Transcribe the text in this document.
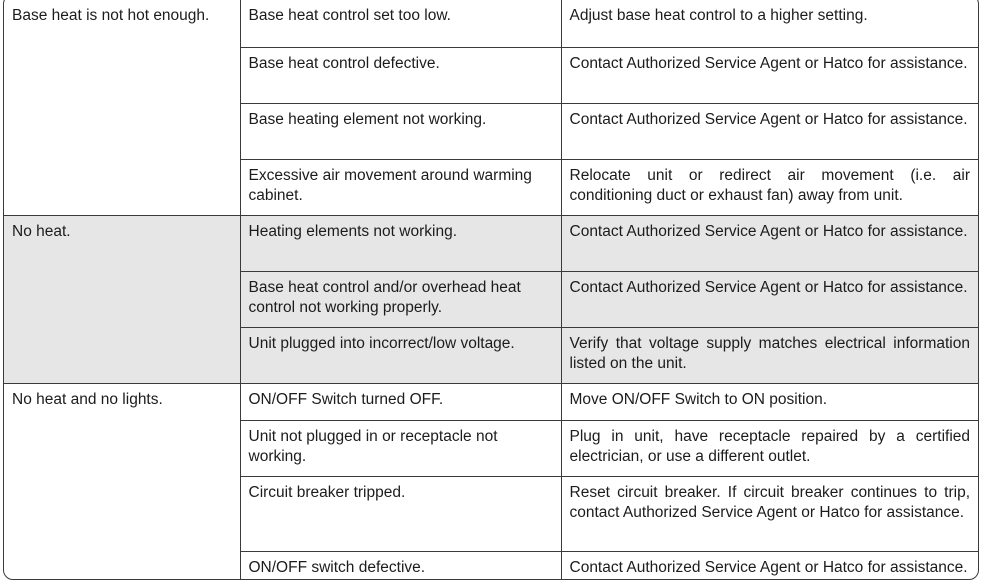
Base heat is not hot enough.	Base heat control set too low.	Adjust base heat control to a higher setting.

	Base heat control defective.	Contact Authorized Service Agent or Hatco for assistance.

	Base heating element not working.	Contact Authorized Service Agent or Hatco for assistance.

	Excessive air movement around warming cabinet.	Relocate unit or redirect air movement (i.e. air conditioning duct or exhaust fan) away from unit.

No heat.	Heating elements not working.	Contact Authorized Service Agent or Hatco for assistance.

	Base heat control and/or overhead heat control not working properly.	Contact Authorized Service Agent or Hatco for assistance.

	Unit plugged into incorrect/low voltage.	Verify that voltage supply matches electrical information listed on the unit.

No heat and no lights.	ON/OFF Switch turned OFF.	Move ON/OFF Switch to ON position.

	Unit not plugged in or receptacle not working.	Plug in unit, have receptacle repaired by a certified electrician, or use a different outlet.

	Circuit breaker tripped.	Reset circuit breaker. If circuit breaker continues to trip, contact Authorized Service Agent or Hatco for assistance.

	ON/OFF switch defective.	Contact Authorized Service Agent or Hatco for assistance.
